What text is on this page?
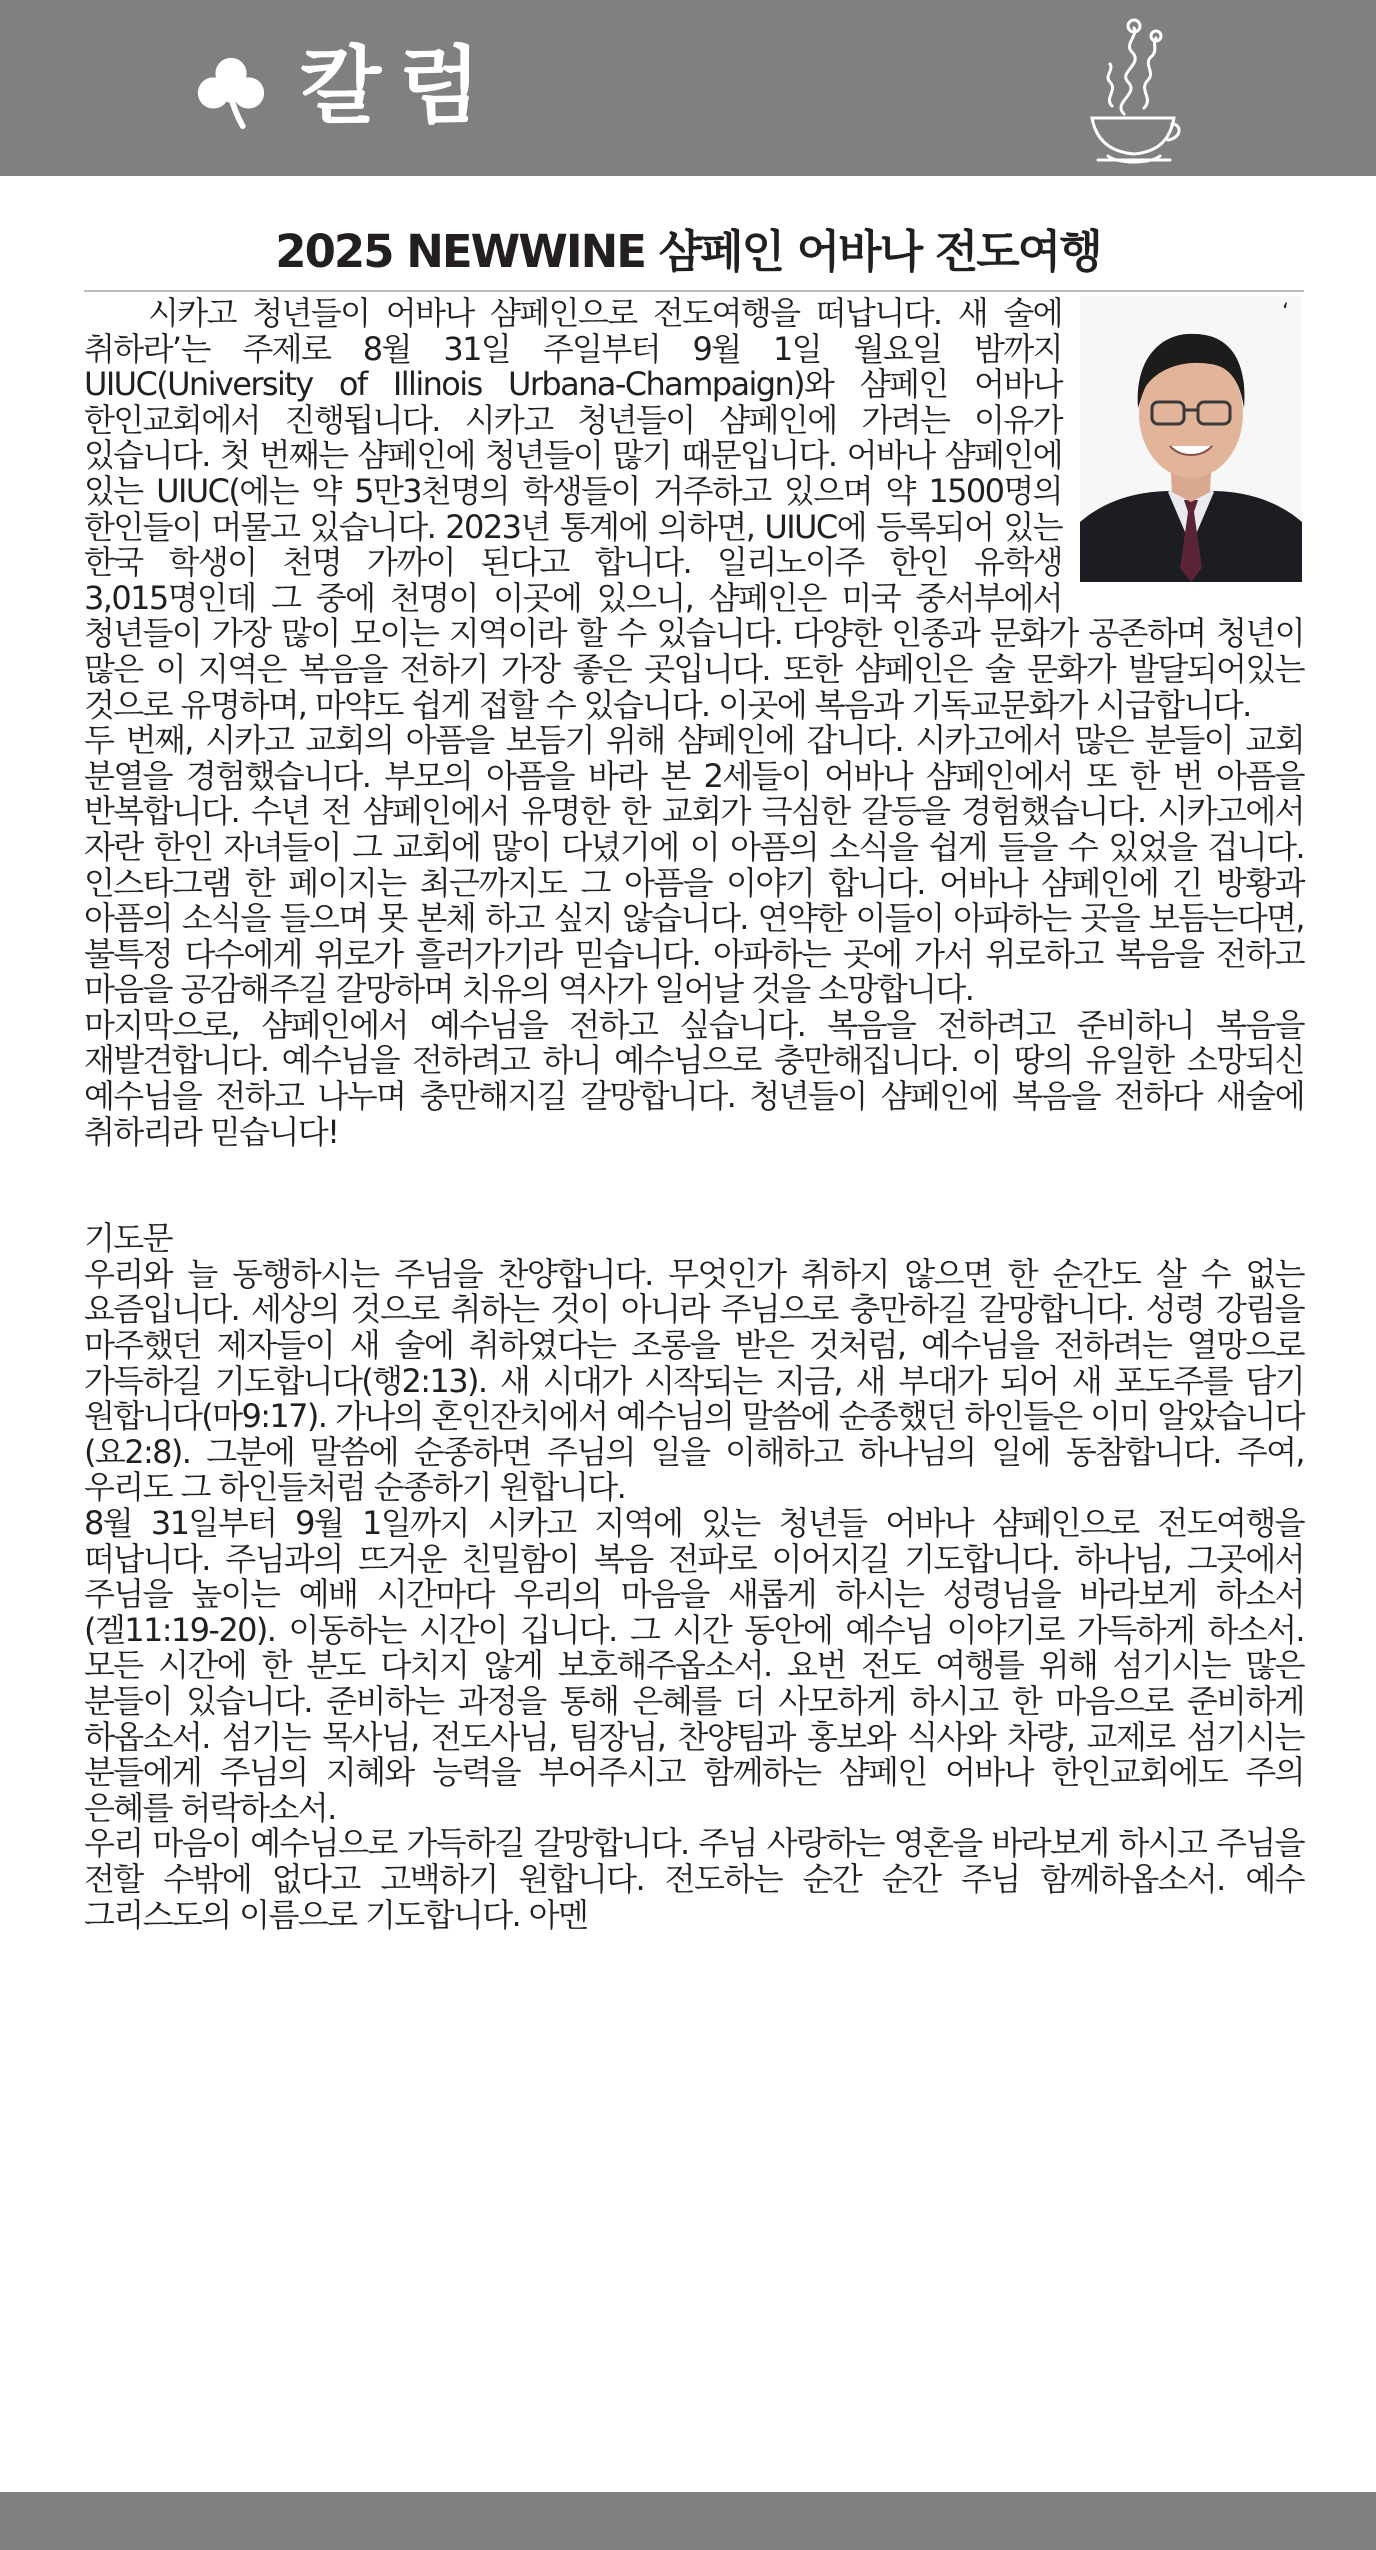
칼럼
2025 NEWWINE 샴페인 어바나 전도여행
‘

시카고 청년들이 어바나 샴페인으로 전도여행을 떠납니다. 새 술에 취하라’는 주제로 8월 31일 주일부터 9월 1일 월요일 밤까지 UIUC(University of Illinois Urbana-Champaign)와 샴페인 어바나 한인교회에서 진행됩니다. 시카고 청년들이 샴페인에 가려는 이유가 있습니다. 첫 번째는 샴페인에 청년들이 많기 때문입니다. 어바나 샴페인에 있는 UIUC(에는 약 5만3천명의 학생들이 거주하고 있으며 약 1500명의 한인들이 머물고 있습니다. 2023년 통계에 의하면, UIUC에 등록되어 있는 한국 학생이 천명 가까이 된다고 합니다. 일리노이주 한인 유학생 3,015명인데 그 중에 천명이 이곳에 있으니, 샴페인은 미국 중서부에서 청년들이 가장 많이 모이는 지역이라 할 수 있습니다. 다양한 인종과 문화가 공존하며 청년이 많은 이 지역은 복음을 전하기 가장 좋은 곳입니다. 또한 샴페인은 술 문화가 발달되어있는 것으로 유명하며, 마약도 쉽게 접할 수 있습니다. 이곳에 복음과 기독교문화가 시급합니다.

두 번째, 시카고 교회의 아픔을 보듬기 위해 샴페인에 갑니다. 시카고에서 많은 분들이 교회 분열을 경험했습니다. 부모의 아픔을 바라 본 2세들이 어바나 샴페인에서 또 한 번 아픔을 반복합니다. 수년 전 샴페인에서 유명한 한 교회가 극심한 갈등을 경험했습니다. 시카고에서 자란 한인 자녀들이 그 교회에 많이 다녔기에 이 아픔의 소식을 쉽게 들을 수 있었을 겁니다. 인스타그램 한 페이지는 최근까지도 그 아픔을 이야기 합니다. 어바나 샴페인에 긴 방황과 아픔의 소식을 들으며 못 본체 하고 싶지 않습니다. 연약한 이들이 아파하는 곳을 보듬는다면, 불특정 다수에게 위로가 흘러가기라 믿습니다. 아파하는 곳에 가서 위로하고 복음을 전하고 마음을 공감해주길 갈망하며 치유의 역사가 일어날 것을 소망합니다.

마지막으로, 샴페인에서 예수님을 전하고 싶습니다. 복음을 전하려고 준비하니 복음을 재발견합니다. 예수님을 전하려고 하니 예수님으로 충만해집니다. 이 땅의 유일한 소망되신 예수님을 전하고 나누며 충만해지길 갈망합니다. 청년들이 샴페인에 복음을 전하다 새술에 취하리라 믿습니다!

기도문

우리와 늘 동행하시는 주님을 찬양합니다. 무엇인가 취하지 않으면 한 순간도 살 수 없는 요즘입니다. 세상의 것으로 취하는 것이 아니라 주님으로 충만하길 갈망합니다. 성령 강림을 마주했던 제자들이 새 술에 취하였다는 조롱을 받은 것처럼, 예수님을 전하려는 열망으로 가득하길 기도합니다(행2:13). 새 시대가 시작되는 지금, 새 부대가 되어 새 포도주를 담기 원합니다(마9:17). 가나의 혼인잔치에서 예수님의 말씀에 순종했던 하인들은 이미 알았습니다(요2:8). 그분에 말씀에 순종하면 주님의 일을 이해하고 하나님의 일에 동참합니다. 주여, 우리도 그 하인들처럼 순종하기 원합니다.

8월 31일부터 9월 1일까지 시카고 지역에 있는 청년들 어바나 샴페인으로 전도여행을 떠납니다. 주님과의 뜨거운 친밀함이 복음 전파로 이어지길 기도합니다. 하나님, 그곳에서 주님을 높이는 예배 시간마다 우리의 마음을 새롭게 하시는 성령님을 바라보게 하소서(겔11:19-20). 이동하는 시간이 깁니다. 그 시간 동안에 예수님 이야기로 가득하게 하소서. 모든 시간에 한 분도 다치지 않게 보호해주옵소서. 요번 전도 여행를 위해 섬기시는 많은 분들이 있습니다. 준비하는 과정을 통해 은혜를 더 사모하게 하시고 한 마음으로 준비하게 하옵소서. 섬기는 목사님, 전도사님, 팀장님, 찬양팀과 홍보와 식사와 차량, 교제로 섬기시는 분들에게 주님의 지혜와 능력을 부어주시고 함께하는 샴페인 어바나 한인교회에도 주의 은혜를 허락하소서.

우리 마음이 예수님으로 가득하길 갈망합니다. 주님 사랑하는 영혼을 바라보게 하시고 주님을 전할 수밖에 없다고 고백하기 원합니다. 전도하는 순간 순간 주님 함께하옵소서. 예수 그리스도의 이름으로 기도합니다. 아멘
